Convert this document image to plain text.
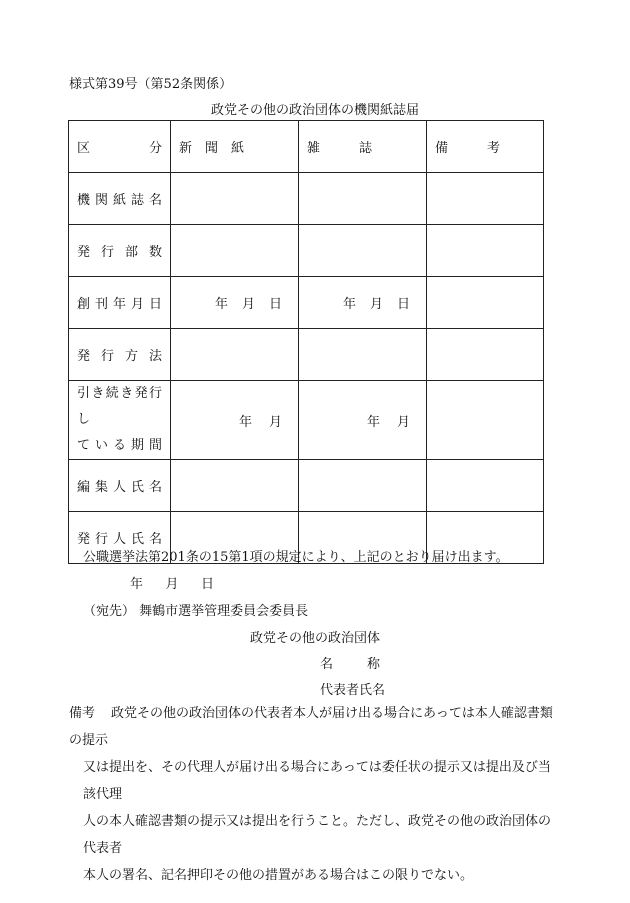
様式第39号（第52条関係）
政党その他の政治団体の機関紙誌届
区　　　分	新　聞　紙	雑　　　誌	備　　　考
機関紙誌名			
発行部数			
創刊年月日	年 月 日	年 月 日	

発行方法			

引き続き発行し
ている期間	年 月	年 月	

編集人氏名			
発行人氏名			
公職選挙法第201条の15第1項の規定により、上記のとおり届け出ます。
年 月 日
（宛先） 舞鶴市選挙管理委員会委員長
政党その他の政治団体
名	称
代表者氏名
備考 政党その他の政治団体の代表者本人が届け出る場合にあっては本人確認書類の提示
又は提出を、その代理人が届け出る場合にあっては委任状の提示又は提出及び当該代理
人の本人確認書類の提示又は提出を行うこと。ただし、政党その他の政治団体の代表者
本人の署名、記名押印その他の措置がある場合はこの限りでない。
